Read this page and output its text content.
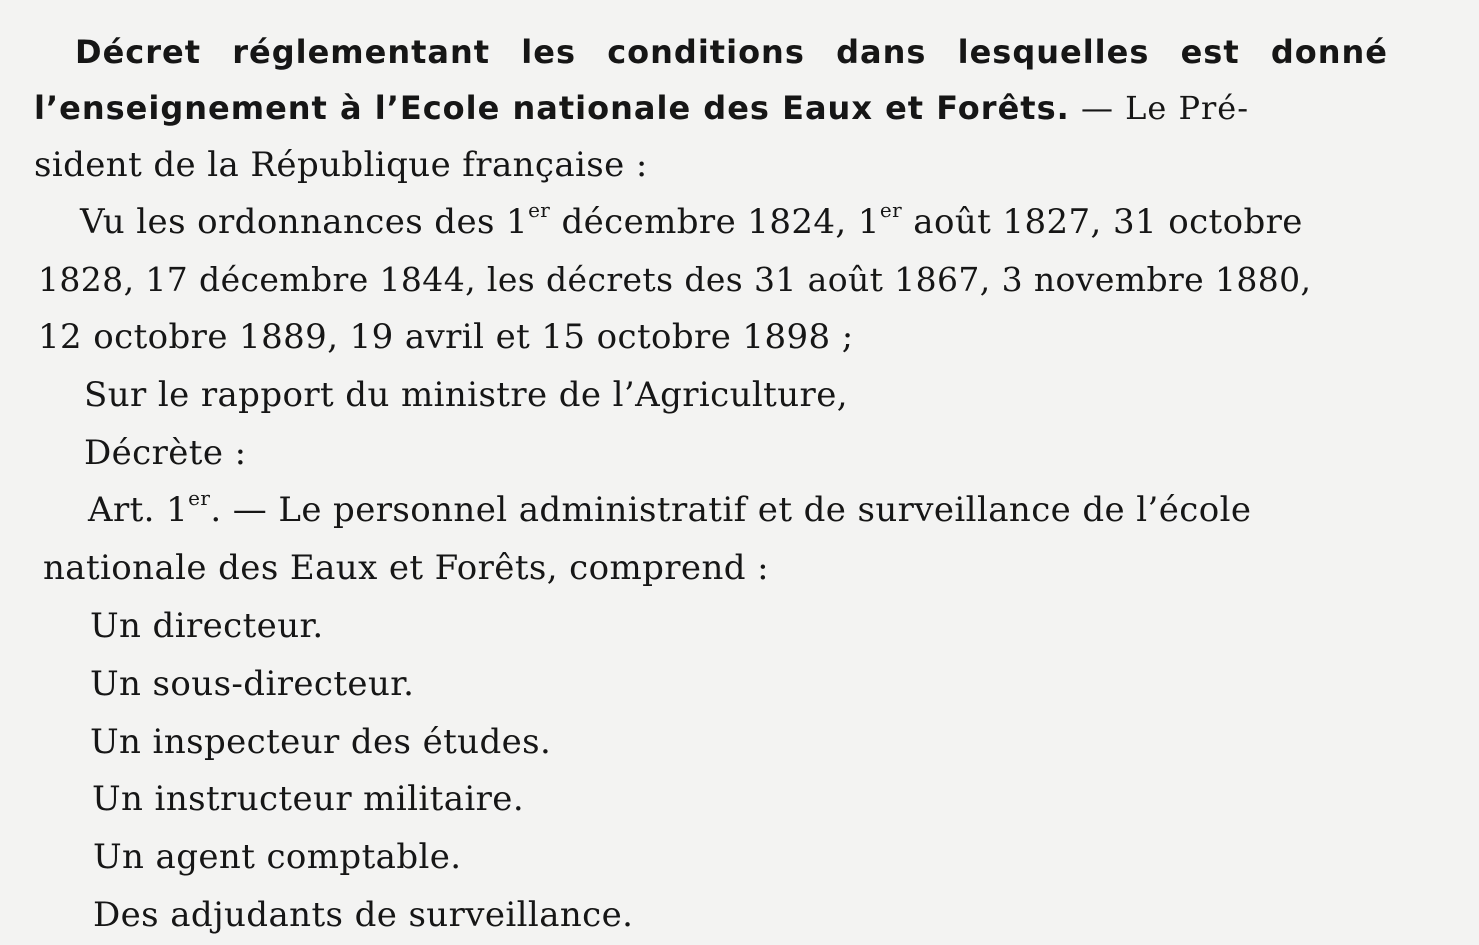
Décret réglementant les conditions dans lesquelles est donné
l’enseignement à l’Ecole nationale des Eaux et Forêts. — Le Pré-
sident de la République française :
Vu les ordonnances des 1er décembre 1824, 1er août 1827, 31 octobre
1828, 17 décembre 1844, les décrets des 31 août 1867, 3 novembre 1880,
12 octobre 1889, 19 avril et 15 octobre 1898 ;
Sur le rapport du ministre de l’Agriculture,
Décrète :
Art. 1er. — Le personnel administratif et de surveillance de l’école
nationale des Eaux et Forêts, comprend :
Un directeur.
Un sous-directeur.
Un inspecteur des études.
Un instructeur militaire.
Un agent comptable.
Des adjudants de surveillance.
